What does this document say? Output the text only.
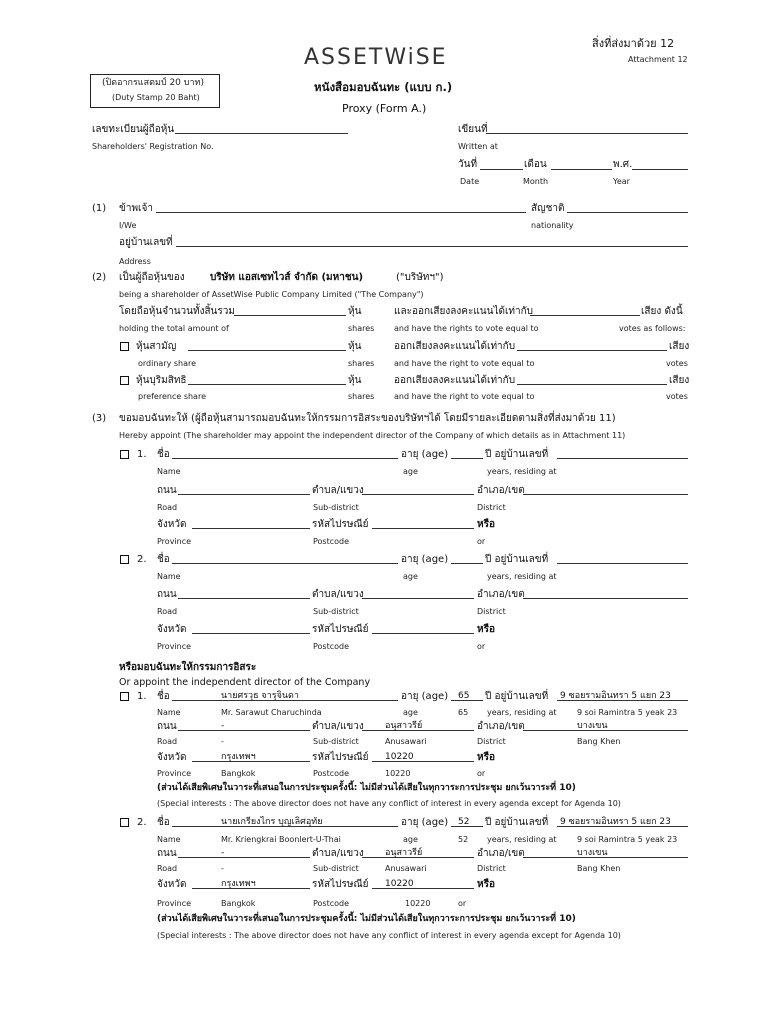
สิ่งที่ส่งมาด้วย 12
Attachment 12
ASSETWiSE
(ปิดอากรแสตมป์ 20 บาท)
(Duty Stamp 20 Baht)
หนังสือมอบฉันทะ (แบบ ก.)
Proxy (Form A.)
เลขทะเบียนผู้ถือหุ้น
Shareholders' Registration No.
เขียนที่
Written at
วันที่	เดือน	พ.ศ.
Date	Month	Year
(1) ข้าพเจ้า	สัญชาติ
I/We	nationality
อยู่บ้านเลขที่
Address
(2) เป็นผู้ถือหุ้นของ	บริษัท แอสเซทไวส์ จำกัด (มหาชน)	("บริษัทฯ")
being a shareholder of AssetWise Public Company Limited ("The Company")
โดยถือหุ้นจำนวนทั้งสิ้นรวม	หุ้น	และออกเสียงลงคะแนนได้เท่ากับ	เสียง ดังนี้
holding the total amount of	shares and have the rights to vote equal to	votes as follows:
หุ้นสามัญ	หุ้น	ออกเสียงลงคะแนนได้เท่ากับ	เสียง
ordinary share	shares and have the right to vote equal to	votes
หุ้นบุริมสิทธิ	หุ้น	ออกเสียงลงคะแนนได้เท่ากับ	เสียง
preference share	shares and have the right to vote equal to	votes
(3) ขอมอบฉันทะให้ (ผู้ถือหุ้นสามารถมอบฉันทะให้กรรมการอิสระของบริษัทฯได้ โดยมีรายละเอียดตามสิ่งที่ส่งมาด้วย 11)
Hereby appoint (The shareholder may appoint the independent director of the Company of which details as in Attachment 11)
1. ชื่อ	อายุ (age)	ปี อยู่บ้านเลขที่
Name	age	years, residing at
ถนน	ตำบล/แขวง	อำเภอ/เขต
Road	Sub-district	District
จังหวัด	รหัสไปรษณีย์	หรือ
Province	Postcode	or
2. ชื่อ	อายุ (age)	ปี อยู่บ้านเลขที่
Name	age	years, residing at
ถนน	ตำบล/แขวง	อำเภอ/เขต
Road	Sub-district	District
จังหวัด	รหัสไปรษณีย์	หรือ
Province	Postcode	or
หรือมอบฉันทะให้กรรมการอิสระ
Or appoint the independent director of the Company
1. ชื่อ	นายศรวุธ จารุจินดา	อายุ (age) 65 ปี อยู่บ้านเลขที่ 9 ซอยรามอินทรา 5 แยก 23
Name	Mr. Sarawut Charuchinda	age	65 years, residing at	9 soi Ramintra 5 yeak 23
ถนน	-	ตำบล/แขวง อนุสาวรีย์	อำเภอ/เขต	บางเขน
Road	-	Sub-district	Anusawari	District	Bang Khen
จังหวัด	กรุงเทพฯ	รหัสไปรษณีย์ 10220	หรือ
Province	Bangkok	Postcode	10220	or
(ส่วนได้เสียพิเศษในวาระที่เสนอในการประชุมครั้งนี้: ไม่มีส่วนได้เสียในทุกวาระการประชุม ยกเว้นวาระที่ 10)
(Special interests : The above director does not have any conflict of interest in every agenda except for Agenda 10)
2. ชื่อ	นายเกรียงไกร บุญเลิศอุทัย	อายุ (age) 52 ปี อยู่บ้านเลขที่ 9 ซอยรามอินทรา 5 แยก 23
Name	Mr. Kriengkrai Boonlert-U-Thai	age	52 years, residing at	9 soi Ramintra 5 yeak 23
ถนน	-	ตำบล/แขวง อนุสาวรีย์	อำเภอ/เขต	บางเขน
Road	-	Sub-district	Anusawari	District	Bang Khen
จังหวัด	กรุงเทพฯ	รหัสไปรษณีย์ 10220	หรือ
Province	Bangkok	Postcode	10220	or
(ส่วนได้เสียพิเศษในวาระที่เสนอในการประชุมครั้งนี้: ไม่มีส่วนได้เสียในทุกวาระการประชุม ยกเว้นวาระที่ 10)
(Special interests : The above director does not have any conflict of interest in every agenda except for Agenda 10)
